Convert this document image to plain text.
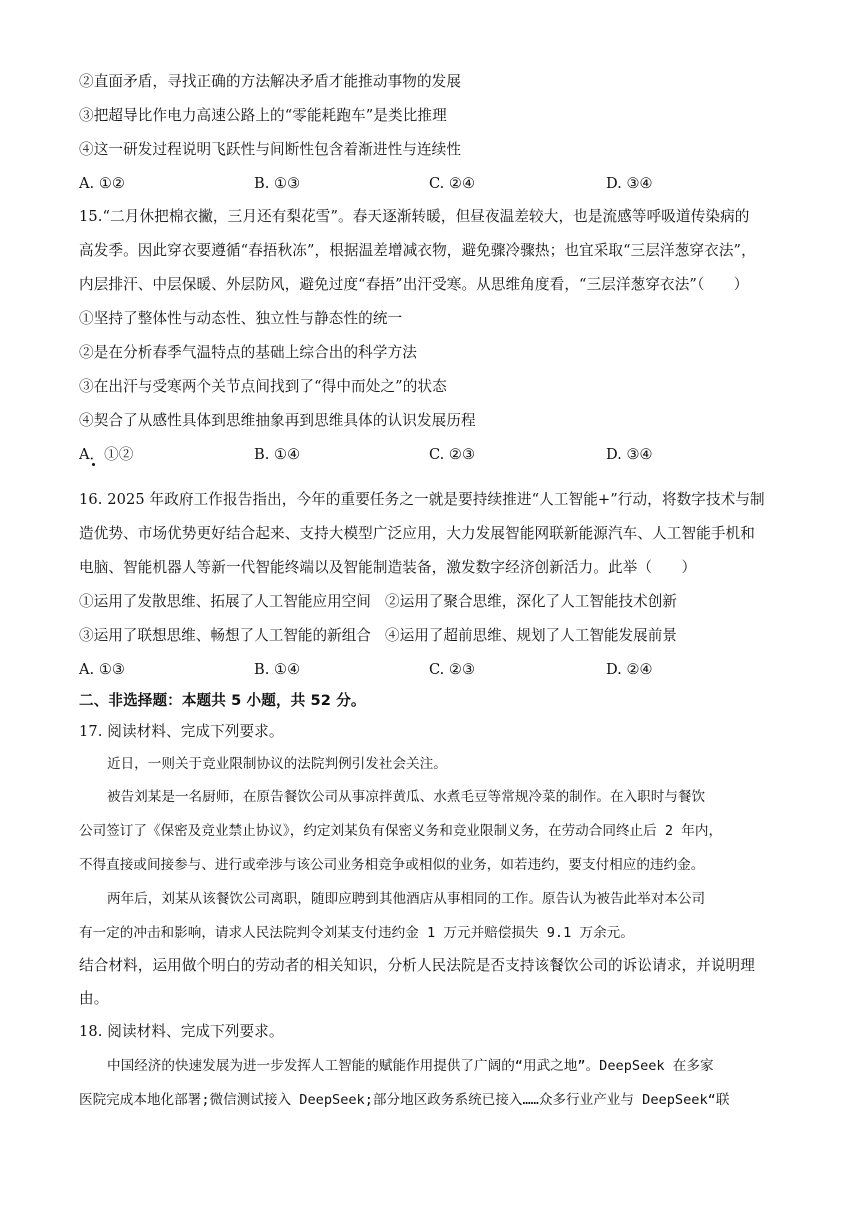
②直面矛盾，寻找正确的方法解决矛盾才能推动事物的发展
③把超导比作电力高速公路上的“零能耗跑车”是类比推理
④这一研发过程说明飞跃性与间断性包含着渐进性与连续性
A. ①②	B. ①③	C. ②④	D. ③④
15.“二月休把棉衣撇，三月还有梨花雪”。春天逐渐转暖，但昼夜温差较大，也是流感等呼吸道传染病的
高发季。因此穿衣要遵循“春捂秋冻”，根据温差增减衣物，避免骤冷骤热；也宜采取“三层洋葱穿衣法”，
内层排汗、中层保暖、外层防风，避免过度“春捂”出汗受寒。从思维角度看，“三层洋葱穿衣法”（　　）
①坚持了整体性与动态性、独立性与静态性的统一
②是在分析春季气温特点的基础上综合出的科学方法
③在出汗与受寒两个关节点间找到了“得中而处之”的状态
④契合了从感性具体到思维抽象再到思维具体的认识发展历程
A．①②	B. ①④	C. ②③	D. ③④
16. 2025 年政府工作报告指出，今年的重要任务之一就是要持续推进“人工智能+”行动，将数字技术与制
造优势、市场优势更好结合起来、支持大模型广泛应用，大力发展智能网联新能源汽车、人工智能手机和
电脑、智能机器人等新一代智能终端以及智能制造装备，激发数字经济创新活力。此举（　　）
①运用了发散思维、拓展了人工智能应用空间 ②运用了聚合思维，深化了人工智能技术创新
③运用了联想思维、畅想了人工智能的新组合 ④运用了超前思维、规划了人工智能发展前景
A. ①③	B. ①④	C. ②③	D. ②④
二、非选择题：本题共 5 小题，共 52 分。
17. 阅读材料、完成下列要求。
近日，一则关于竞业限制协议的法院判例引发社会关注。
被告刘某是一名厨师，在原告餐饮公司从事凉拌黄瓜、水煮毛豆等常规冷菜的制作。在入职时与餐饮
公司签订了《保密及竞业禁止协议》，约定刘某负有保密义务和竞业限制义务，在劳动合同终止后 2 年内，
不得直接或间接参与、进行或牵涉与该公司业务相竞争或相似的业务，如若违约，要支付相应的违约金。
两年后，刘某从该餐饮公司离职，随即应聘到其他酒店从事相同的工作。原告认为被告此举对本公司
有一定的冲击和影响，请求人民法院判令刘某支付违约金 1 万元并赔偿损失 9.1 万余元。
结合材料，运用做个明白的劳动者的相关知识，分析人民法院是否支持该餐饮公司的诉讼请求，并说明理
由。
18. 阅读材料、完成下列要求。
中国经济的快速发展为进一步发挥人工智能的赋能作用提供了广阔的“用武之地”。DeepSeek 在多家
医院完成本地化部署;微信测试接入 DeepSeek;部分地区政务系统已接入……众多行业产业与 DeepSeek“联
